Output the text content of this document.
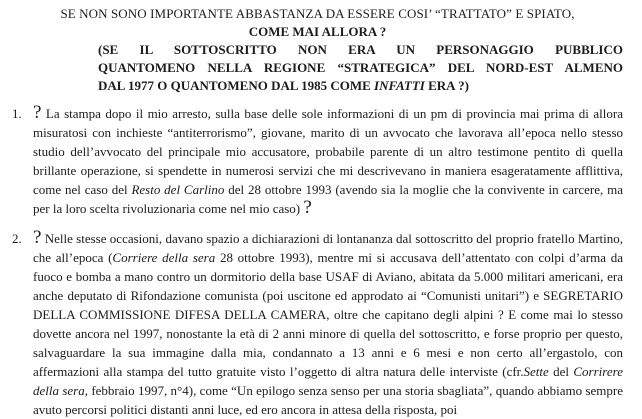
SE NON SONO IMPORTANTE ABBASTANZA DA ESSERE COSI’ “TRATTATO” E SPIATO,
COME MAI ALLORA ?
(SE IL SOTTOSCRITTO NON ERA UN PERSONAGGIO PUBBLICO
QUANTOMENO NELLA REGIONE “STRATEGICA” DEL NORD-EST ALMENO
DAL 1977 O QUANTOMENO DAL 1985 COME INFATTI ERA ?)
1. ? La stampa dopo il mio arresto, sulla base delle sole informazioni di un pm di provincia mai prima di allora misuratosi con inchieste “antiterrorismo”, giovane, marito di un avvocato che lavorava all’epoca nello stesso studio dell’avvocato del principale mio accusatore, probabile parente di un altro testimone pentito di quella brillante operazione, si spendette in numerosi servizi che mi descrivevano in maniera esageratamente afflittiva, come nel caso del Resto del Carlino del 28 ottobre 1993 (avendo sia la moglie che la convivente in carcere, ma per la loro scelta rivoluzionaria come nel mio caso) ?
2. ? Nelle stesse occasioni, davano spazio a dichiarazioni di lontananza dal sottoscritto del proprio fratello Martino, che all’epoca (Corriere della sera 28 ottobre 1993), mentre mi si accusava dell’attentato con colpi d’arma da fuoco e bomba a mano contro un dormitorio della base USAF di Aviano, abitata da 5.000 militari americani, era anche deputato di Rifondazione comunista (poi uscitone ed approdato ai “Comunisti unitari”) e SEGRETARIO DELLA COMMISSIONE DIFESA DELLA CAMERA, oltre che capitano degli alpini ? E come mai lo stesso dovette ancora nel 1997, nonostante la età di 2 anni minore di quella del sottoscritto, e forse proprio per questo, salvaguardare la sua immagine dalla mia, condannato a 13 anni e 6 mesi e non certo all’ergastolo, con affermazioni alla stampa del tutto gratuite visto l’oggetto di altra natura delle interviste (cfr.Sette del Corrirere della sera, febbraio 1997, n°4), come “Un epilogo senza senso per una storia sbagliata”, quando abbiamo sempre avuto percorsi politici distanti anni luce, ed ero ancora in attesa della risposta, poi
